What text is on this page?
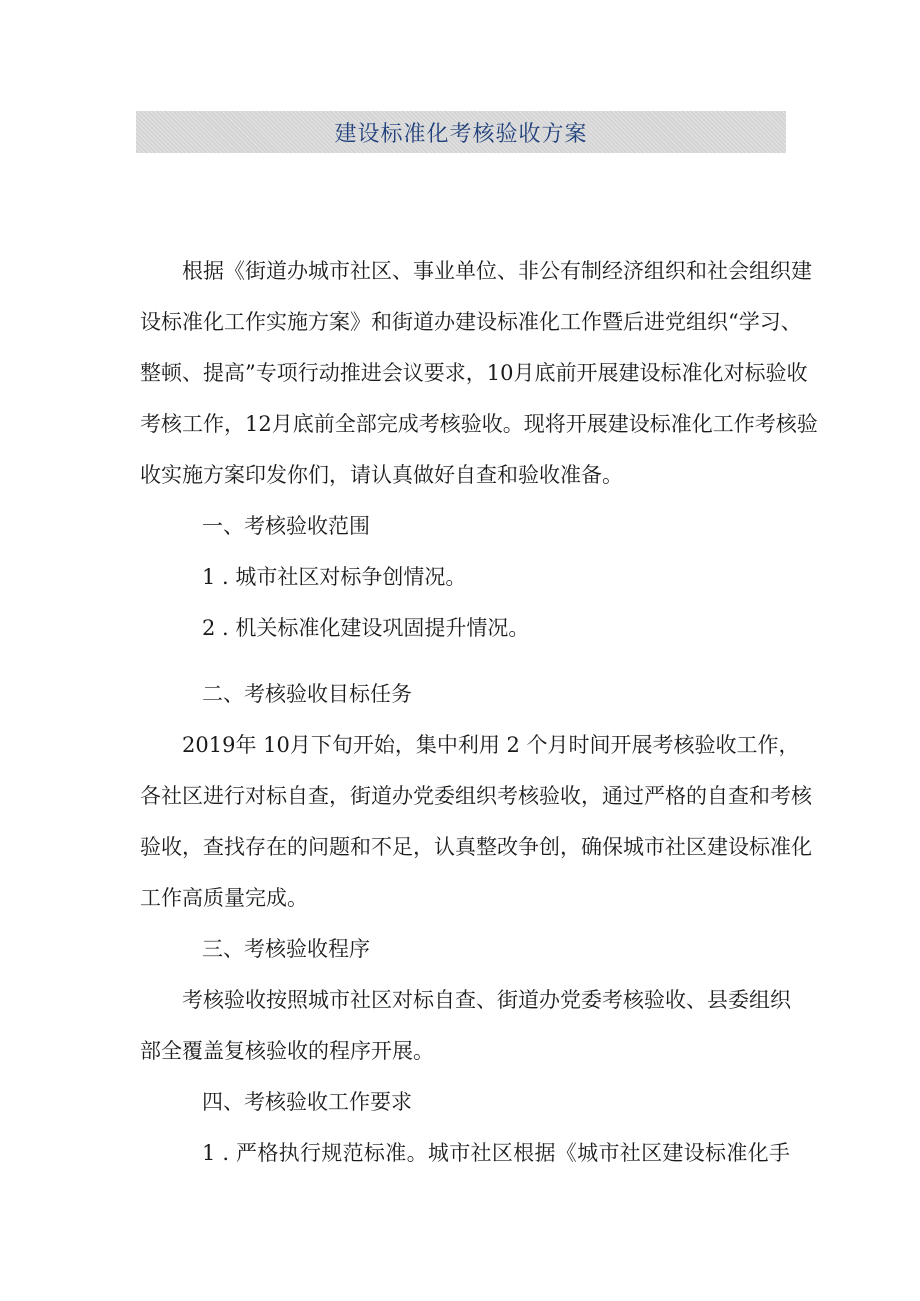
建设标准化考核验收方案
根据《街道办城市社区、事业单位、非公有制经济组织和社会组织建
设标准化工作实施方案》和街道办建设标准化工作暨后进党组织“学习、
整顿、提高”专项行动推进会议要求，10月底前开展建设标准化对标验收
考核工作，12月底前全部完成考核验收。现将开展建设标准化工作考核验
收实施方案印发你们，请认真做好自查和验收准备。
一、考核验收范围
1 . 城市社区对标争创情况。
2 . 机关标准化建设巩固提升情况。
二、考核验收目标任务
2019年 10月下旬开始，集中利用 2 个月时间开展考核验收工作，
各社区进行对标自查，街道办党委组织考核验收，通过严格的自查和考核
验收，查找存在的问题和不足，认真整改争创，确保城市社区建设标准化
工作高质量完成。
三、考核验收程序
考核验收按照城市社区对标自查、街道办党委考核验收、县委组织
部全覆盖复核验收的程序开展。
四、考核验收工作要求
1 . 严格执行规范标准。城市社区根据《城市社区建设标准化手
